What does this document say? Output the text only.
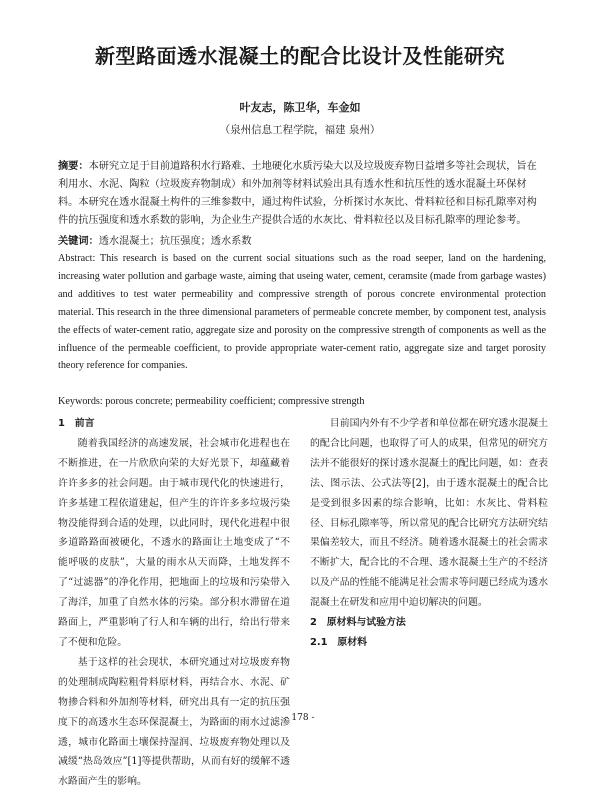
新型路面透水混凝土的配合比设计及性能研究
叶友志，陈卫华，车金如
（泉州信息工程学院，福建 泉州）
摘要：本研究立足于目前道路积水行路难、土地硬化水质污染大以及垃圾废弃物日益增多等社会现状，旨在利用水、水泥、陶粒（垃圾废弃物制成）和外加剂等材料试验出具有透水性和抗压性的透水混凝土环保材料。本研究在透水混凝土构件的三维参数中，通过构件试验，分析探讨水灰比、骨料粒径和目标孔隙率对构件的抗压强度和透水系数的影响，为企业生产提供合适的水灰比、骨料粒径以及目标孔隙率的理论参考。
关键词：透水混凝土；抗压强度；透水系数
Abstract: This research is based on the current social situations such as the road seeper, land on the hardening, increasing water pollution and garbage waste, aiming that useing water, cement, ceramsite (made from garbage wastes) and additives to test water permeability and compressive strength of porous concrete environmental protection material. This research in the three dimensional parameters of permeable concrete member, by component test, analysis the effects of water-cement ratio, aggregate size and porosity on the compressive strength of components as well as the influence of the permeable coefficient, to provide appropriate water-cement ratio, aggregate size and target porosity theory reference for companies.
Keywords: porous concrete; permeability coefficient; compressive strength

1　前言

随着我国经济的高速发展，社会城市化进程也在不断推进，在一片欣欣向荣的大好光景下，却蕴藏着许许多多的社会问题。由于城市现代化的快速进行，许多基建工程依道建起，但产生的许许多多垃圾污染物没能得到合适的处理，以此同时，现代化进程中很多道路路面被硬化，不透水的路面让土地变成了“不能呼吸的皮肤”，大量的雨水从天而降，土地发挥不了“过滤器”的净化作用，把地面上的垃圾和污染带入了海洋，加重了自然水体的污染。部分积水滞留在道路面上，严重影响了行人和车辆的出行，给出行带来了不便和危险。

基于这样的社会现状，本研究通过对垃圾废弃物的处理制成陶粒粗骨料原材料，再结合水、水泥、矿物掺合料和外加剂等材料，研究出具有一定的抗压强度下的高透水生态环保混凝土，为路面的雨水过滤渗透，城市化路面土壤保持湿润、垃圾废弃物处理以及减缓“热岛效应”[1]等提供帮助，从而有好的缓解不透水路面产生的影响。

目前国内外有不少学者和单位都在研究透水混凝土的配合比问题，也取得了可人的成果，但常见的研究方法并不能很好的探讨透水混凝土的配比问题，如：查表法、图示法、公式法等[2]，由于透水混凝土的配合比是受到很多因素的综合影响，比如：水灰比、骨料粒径、目标孔隙率等，所以常见的配合比研究方法研究结果偏差较大，而且不经济。随着透水混凝土的社会需求不断扩大，配合比的不合理、透水混凝土生产的不经济以及产品的性能不能满足社会需求等问题已经成为透水混凝土在研发和应用中迫切解决的问题。

2　原材料与试验方法

2.1　原材料

- 178 -
